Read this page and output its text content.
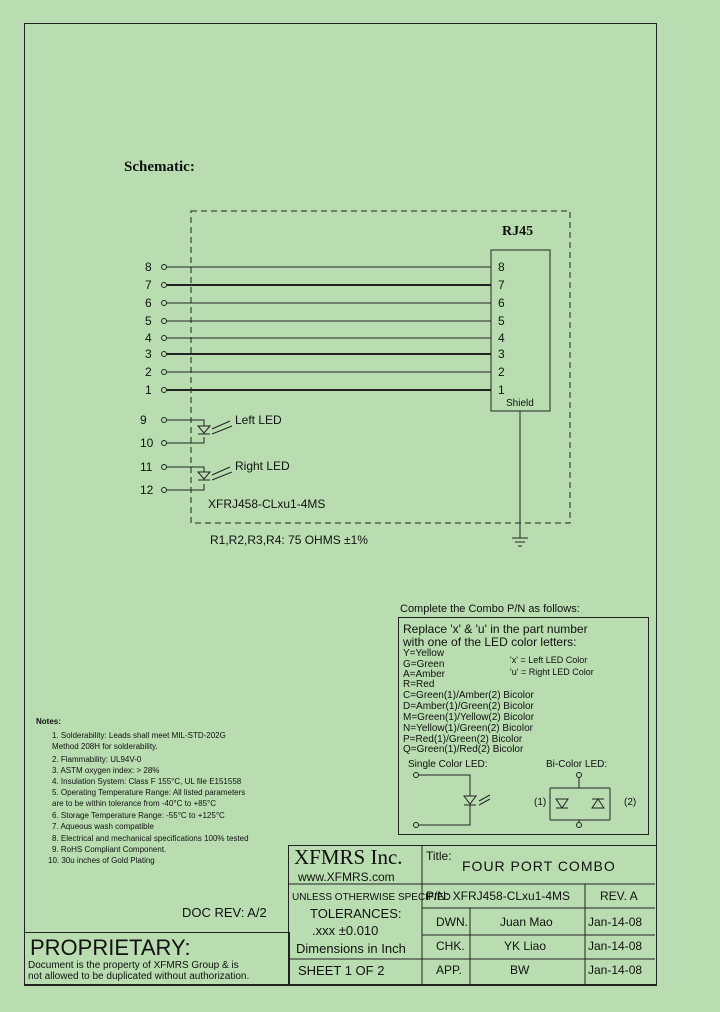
Schematic:
RJ45
8
7
6
5
4
3
2
1
8
7
6
5
4
3
2
1
Shield
9
10
11
12
Left LED
Right LED
XFRJ458-CLxu1-4MS
R1,R2,R3,R4: 75 OHMS ±1%
Complete the Combo P/N as follows:
Replace 'x' & 'u' in the part number
with one of the LED color letters:
Y=Yellow
G=Green
A=Amber
R=Red
C=Green(1)/Amber(2) Bicolor
D=Amber(1)/Green(2) Bicolor
M=Green(1)/Yellow(2) Bicolor
N=Yellow(1)/Green(2) Bicolor
P=Red(1)/Green(2) Bicolor
Q=Green(1)/Red(2) Bicolor
'x' = Left LED Color
'u' = Right LED Color
Single Color LED:	Bi-Color LED:
(1)	(2)
Notes:
1. Solderability: Leads shall meet MIL-STD-202G
Method 208H for solderability.
2. Flammability: UL94V-0
3. ASTM oxygen index: > 28%
4. Insulation System: Class F 155°C, UL file E151558
5. Operating Temperature Range: All listed parameters
are to be within tolerance from -40°C to +85°C
6. Storage Temperature Range: -55°C to +125°C
7. Aqueous wash compatible
8. Electrical and mechanical specifications 100% tested
9. RoHS Compliant Component.
10. 30u inches of Gold Plating
DOC REV: A/2
PROPRIETARY:
Document is the property of XFMRS Group & is
not allowed to be duplicated without authorization.
XFMRS Inc.
www.XFMRS.com
Title:
FOUR PORT COMBO
UNLESS OTHERWISE SPECIFIED
TOLERANCES:
.xxx ±0.010
Dimensions in Inch
SHEET 1 OF 2
P/N: XFRJ458-CLxu1-4MS REV. A
DWN.	Juan Mao	Jan-14-08
CHK.	YK Liao	Jan-14-08
APP.	BW	Jan-14-08
